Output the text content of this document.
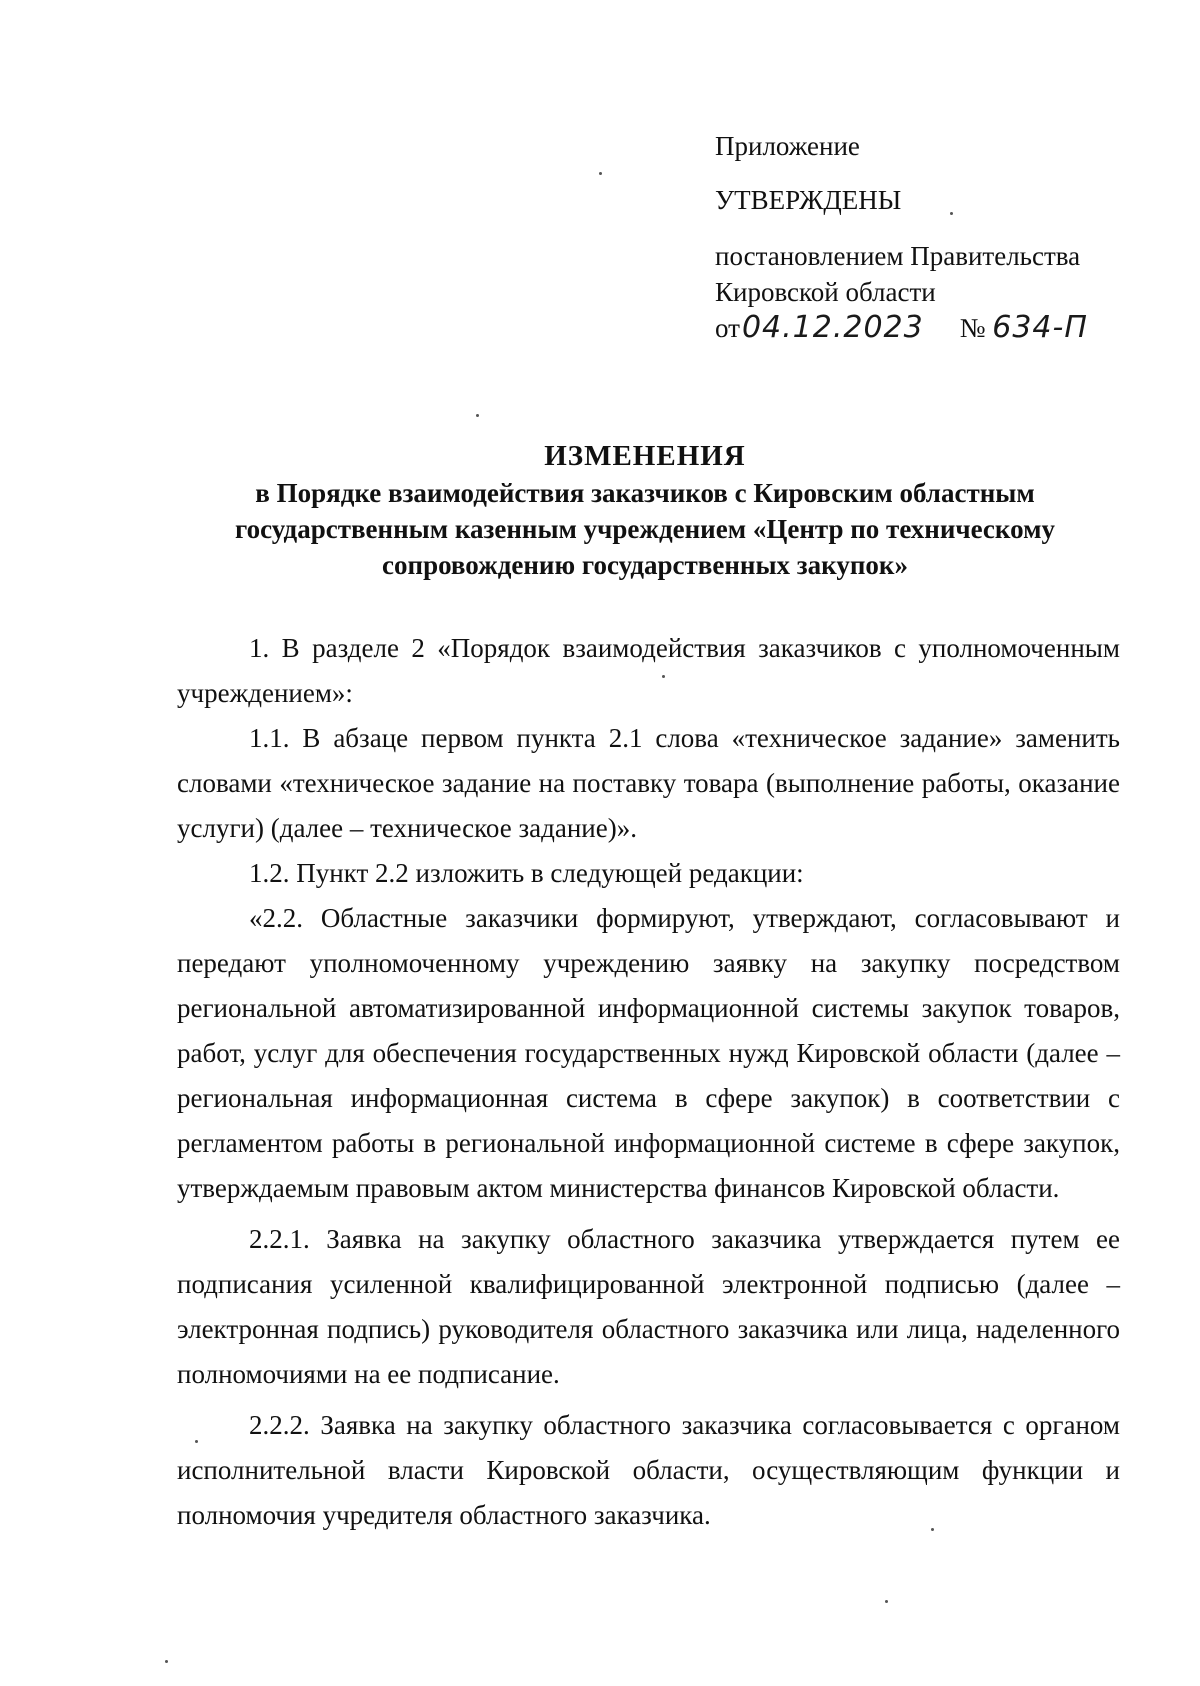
Приложение
УТВЕРЖДЕНЫ
постановлением Правительства
Кировской области
от04.12.2023 № 634-П
ИЗМЕНЕНИЯ
в Порядке взаимодействия заказчиков с Кировским областным
государственным казенным учреждением «Центр по техническому
сопровождению государственных закупок»

1. В разделе 2 «Порядок взаимодействия заказчиков с уполномоченным учреждением»:

1.1. В абзаце первом пункта 2.1 слова «техническое задание» заменить словами «техническое задание на поставку товара (выполнение работы, оказание услуги) (далее – техническое задание)».

1.2. Пункт 2.2 изложить в следующей редакции:

«2.2. Областные заказчики формируют, утверждают, согласовывают и передают уполномоченному учреждению заявку на закупку посредством региональной автоматизированной информационной системы закупок товаров, работ, услуг для обеспечения государственных нужд Кировской области (далее – региональная информационная система в сфере закупок) в соответствии с регламентом работы в региональной информационной системе в сфере закупок, утверждаемым правовым актом министерства финансов Кировской области.

2.2.1. Заявка на закупку областного заказчика утверждается путем ее подписания усиленной квалифицированной электронной подписью (далее – электронная подпись) руководителя областного заказчика или лица, наделенного полномочиями на ее подписание.

2.2.2. Заявка на закупку областного заказчика согласовывается с органом исполнительной власти Кировской области, осуществляющим функции и полномочия учредителя областного заказчика.
